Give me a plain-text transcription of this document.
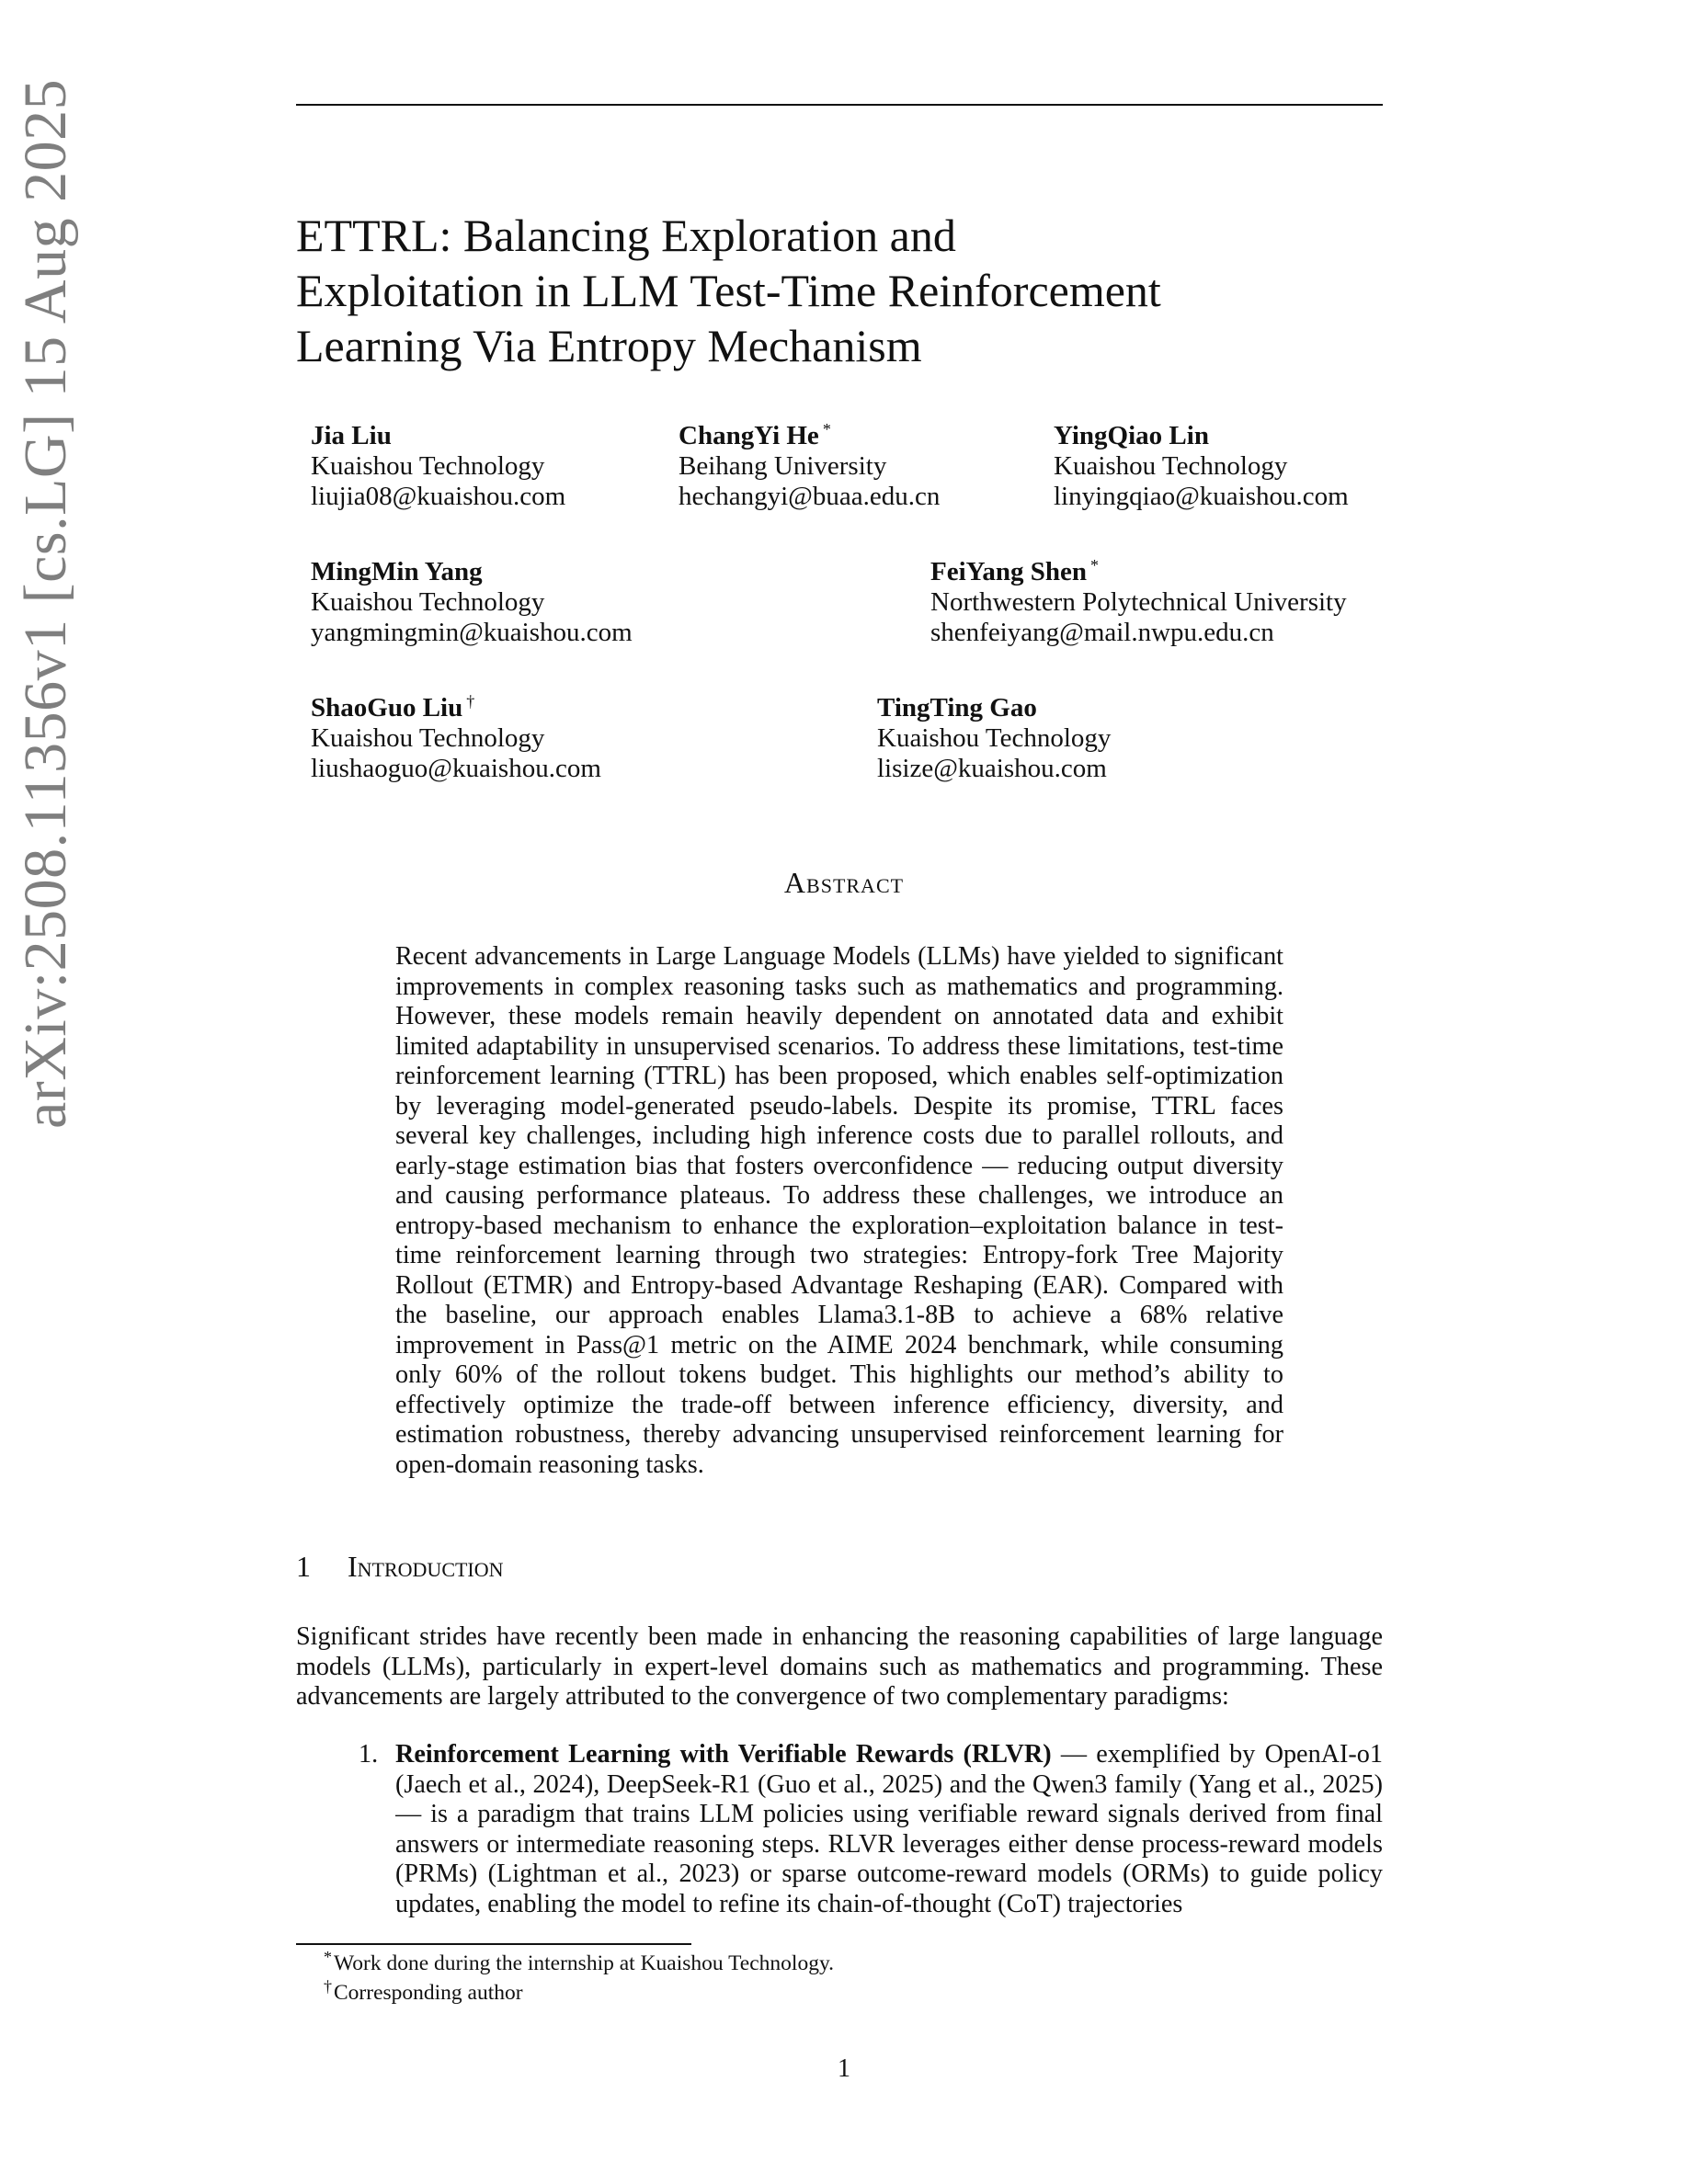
arXiv:2508.11356v1 [cs.LG] 15 Aug 2025	ETTRL: Balancing Exploration and
Exploitation in LLM Test-Time Reinforcement
Learning Via Entropy Mechanism
Jia Liu
Kuaishou Technology
liujia08@kuaishou.com
ChangYi He *
Beihang University
hechangyi@buaa.edu.cn
YingQiao Lin
Kuaishou Technology
linyingqiao@kuaishou.com
MingMin Yang
Kuaishou Technology
yangmingmin@kuaishou.com
FeiYang Shen *
Northwestern Polytechnical University
shenfeiyang@mail.nwpu.edu.cn
ShaoGuo Liu †
Kuaishou Technology
liushaoguo@kuaishou.com
TingTing Gao
Kuaishou Technology
lisize@kuaishou.com
Abstract

Recent advancements in Large Language Models (LLMs) have yielded to significant improvements in complex reasoning tasks such as mathematics and programming. However, these models remain heavily dependent on annotated data and exhibit limited adaptability in unsupervised scenarios. To address these limitations, test-time reinforcement learning (TTRL) has been proposed, which enables self-optimization by leveraging model-generated pseudo-labels. Despite its promise, TTRL faces several key challenges, including high inference costs due to parallel rollouts, and early-stage estimation bias that fosters overconfidence — reducing output diversity and causing performance plateaus. To address these challenges, we introduce an entropy-based mechanism to enhance the exploration–exploitation balance in test-time reinforcement learning through two strategies: Entropy-fork Tree Majority Rollout (ETMR) and Entropy-based Advantage Reshaping (EAR). Compared with the baseline, our approach enables Llama3.1-8B to achieve a 68% relative improvement in Pass@1 metric on the AIME 2024 benchmark, while consuming only 60% of the rollout tokens budget. This highlights our method’s ability to effectively optimize the trade-off between inference efficiency, diversity, and estimation robustness, thereby advancing unsupervised reinforcement learning for open-domain reasoning tasks.

1 Introduction

Significant strides have recently been made in enhancing the reasoning capabilities of large language models (LLMs), particularly in expert-level domains such as mathematics and programming. These advancements are largely attributed to the convergence of two complementary paradigms:

1. Reinforcement Learning with Verifiable Rewards (RLVR) — exemplified by OpenAI-o1 (Jaech et al., 2024), DeepSeek-R1 (Guo et al., 2025) and the Qwen3 family (Yang et al., 2025) — is a paradigm that trains LLM policies using verifiable reward signals derived from final answers or intermediate reasoning steps. RLVR leverages either dense process-reward models (PRMs) (Lightman et al., 2023) or sparse outcome-reward models (ORMs) to guide policy updates, enabling the model to refine its chain-of-thought (CoT) trajectories
*Work done during the internship at Kuaishou Technology.
†Corresponding author
1
